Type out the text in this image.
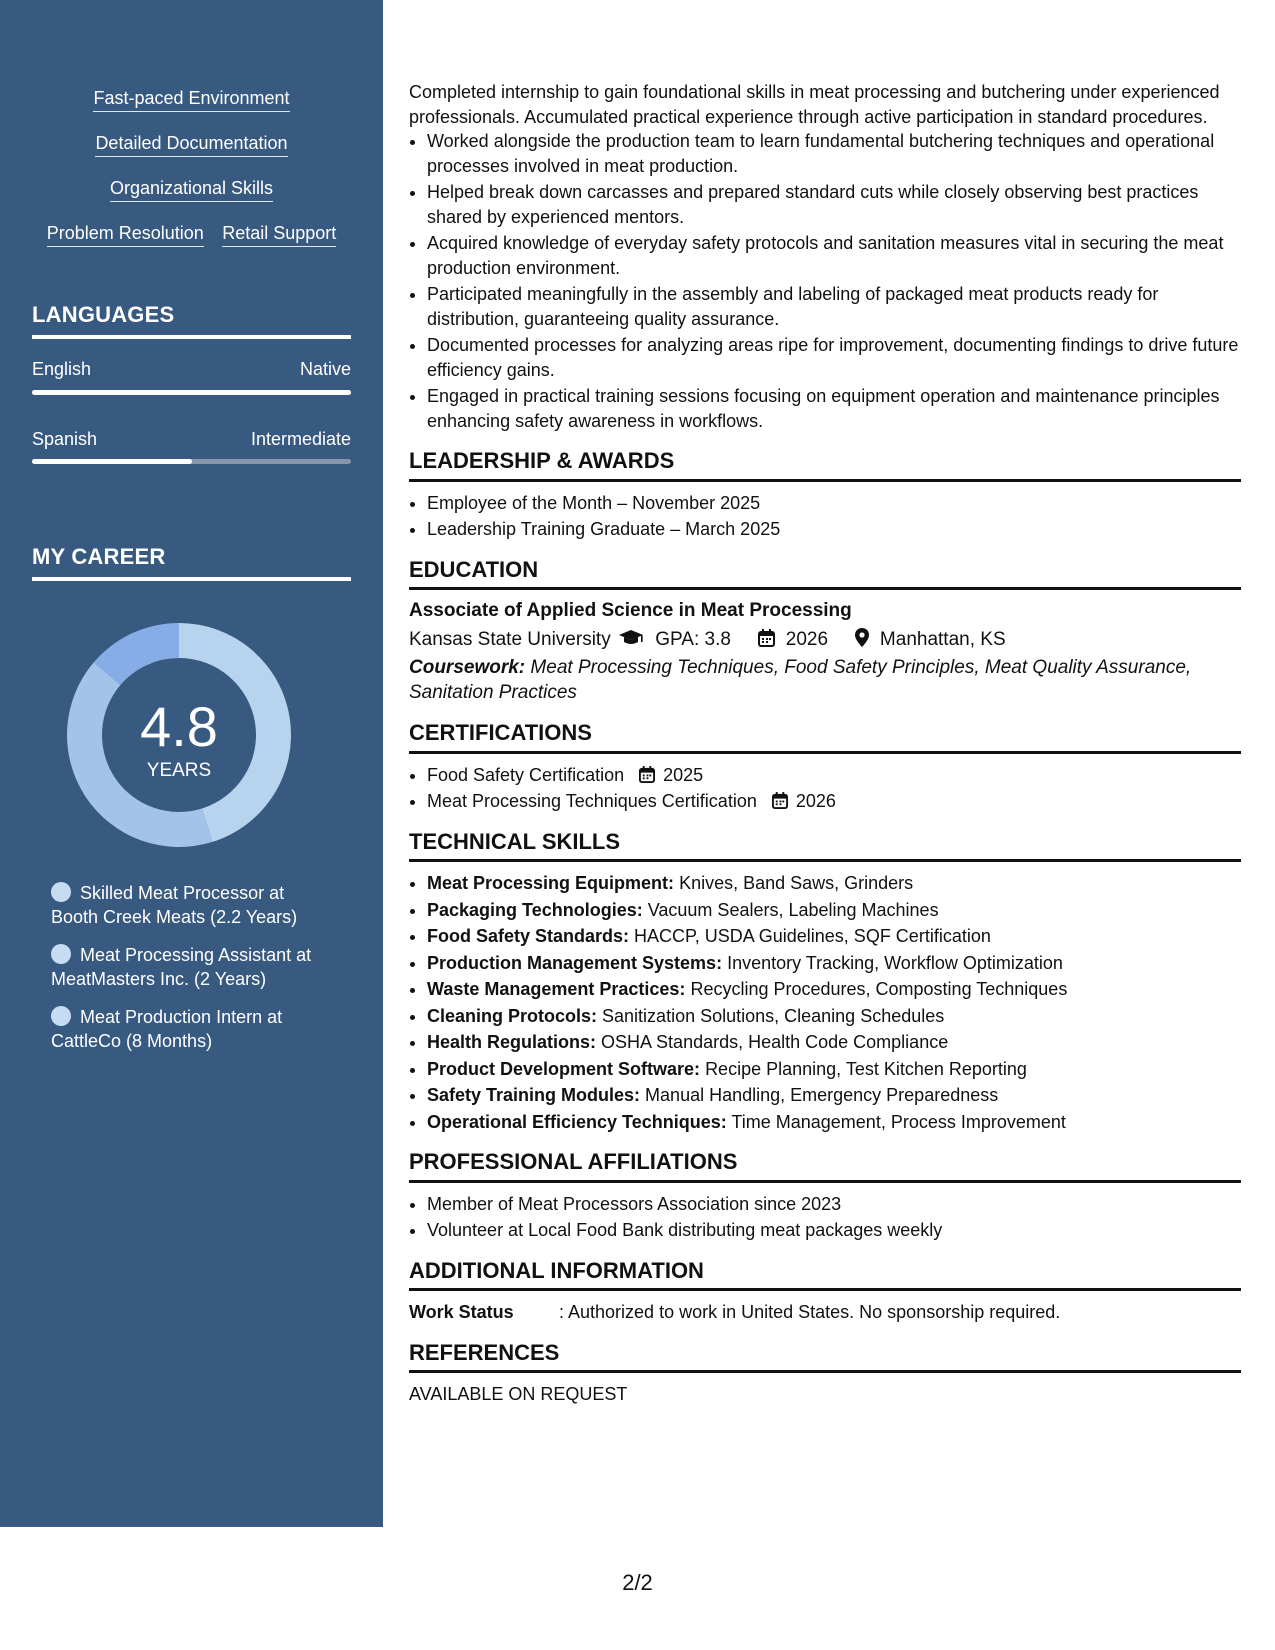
Fast-paced Environment
Detailed Documentation
Organizational Skills
Problem Resolution Retail Support
LANGUAGES
English	Native
Spanish	Intermediate
MY CAREER
4.8
YEARS
Skilled Meat Processor at Booth Creek Meats (2.2 Years)
Meat Processing Assistant at MeatMasters Inc. (2 Years)
Meat Production Intern at CattleCo (8 Months)

Completed internship to gain foundational skills in meat processing and butchering under experienced professionals. Accumulated practical experience through active participation in standard procedures.

• Worked alongside the production team to learn fundamental butchering techniques and operational processes involved in meat production.
• Helped break down carcasses and prepared standard cuts while closely observing best practices shared by experienced mentors.
• Acquired knowledge of everyday safety protocols and sanitation measures vital in securing the meat production environment.
• Participated meaningfully in the assembly and labeling of packaged meat products ready for distribution, guaranteeing quality assurance.
• Documented processes for analyzing areas ripe for improvement, documenting findings to drive future efficiency gains.
• Engaged in practical training sessions focusing on equipment operation and maintenance principles enhancing safety awareness in workflows.
LEADERSHIP & AWARDS
• Employee of the Month – November 2025
• Leadership Training Graduate – March 2025
EDUCATION
Associate of Applied Science in Meat Processing
Kansas State University GPA: 3.8	2026	Manhattan, KS
Coursework: Meat Processing Techniques, Food Safety Principles, Meat Quality Assurance, Sanitation Practices
CERTIFICATIONS
• Food Safety Certification 2025
• Meat Processing Techniques Certification 2026
TECHNICAL SKILLS
• Meat Processing Equipment: Knives, Band Saws, Grinders
• Packaging Technologies: Vacuum Sealers, Labeling Machines
• Food Safety Standards: HACCP, USDA Guidelines, SQF Certification
• Production Management Systems: Inventory Tracking, Workflow Optimization
• Waste Management Practices: Recycling Procedures, Composting Techniques
• Cleaning Protocols: Sanitization Solutions, Cleaning Schedules
• Health Regulations: OSHA Standards, Health Code Compliance
• Product Development Software: Recipe Planning, Test Kitchen Reporting
• Safety Training Modules: Manual Handling, Emergency Preparedness
• Operational Efficiency Techniques: Time Management, Process Improvement
PROFESSIONAL AFFILIATIONS
• Member of Meat Processors Association since 2023
• Volunteer at Local Food Bank distributing meat packages weekly
ADDITIONAL INFORMATION
Work Status	: Authorized to work in United States. No sponsorship required.
REFERENCES
AVAILABLE ON REQUEST
2/2
